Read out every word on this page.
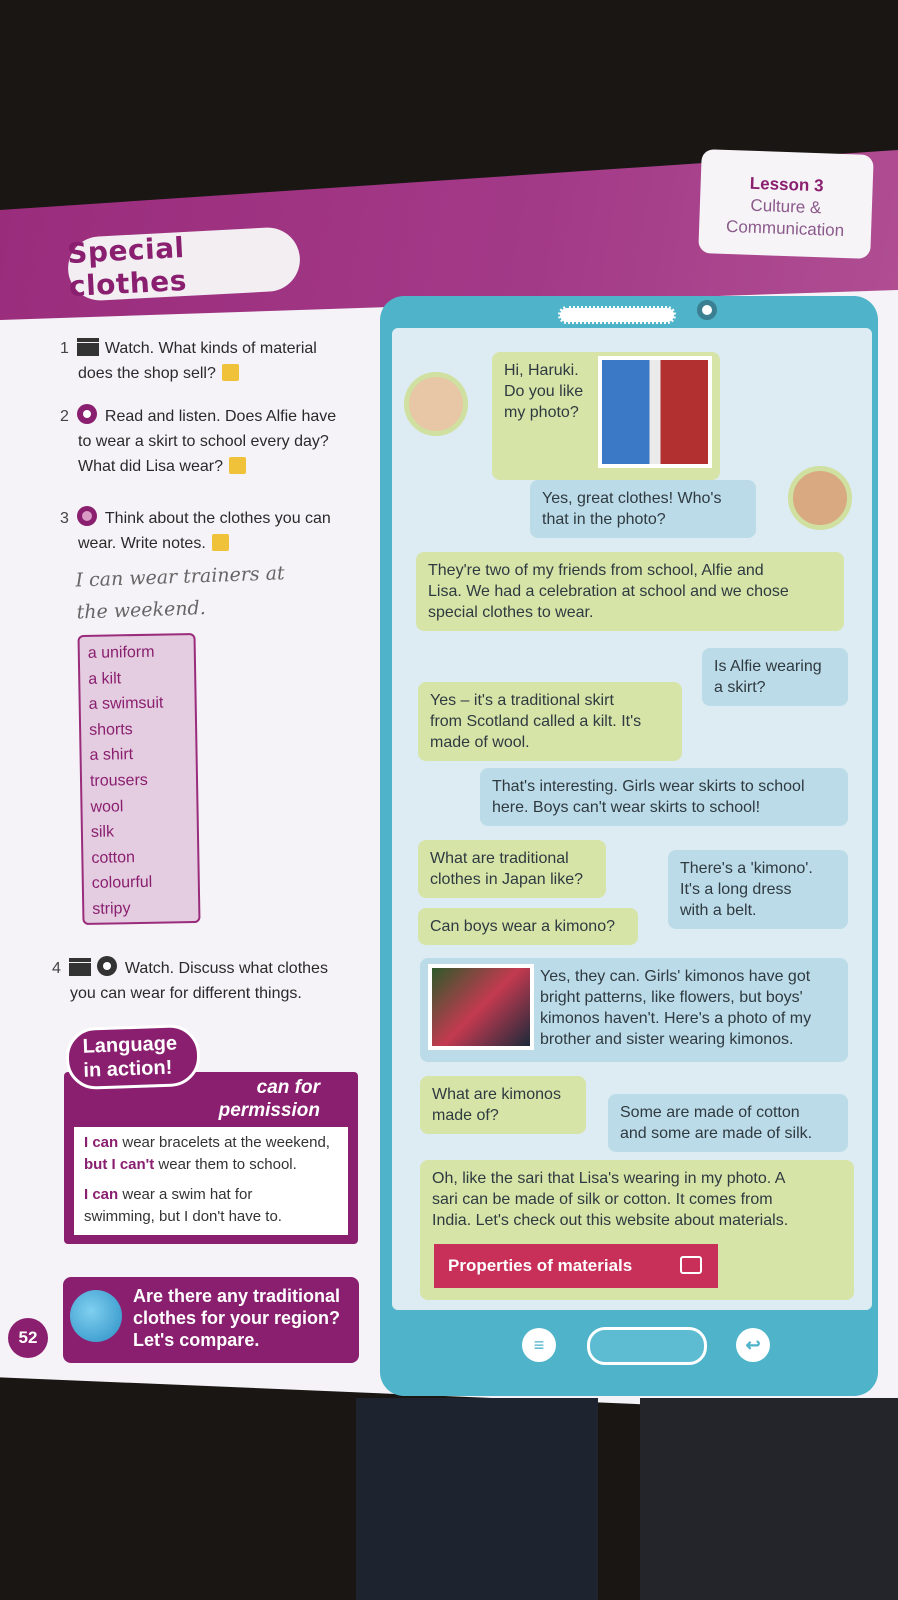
Special clothes
Lesson 3
Culture &
Communication
1 Watch. What kinds of material
does the shop sell?
2 Read and listen. Does Alfie have
to wear a skirt to school every day?
What did Lisa wear?
3 Think about the clothes you can
wear. Write notes.
I can wear trainers at
the weekend.
a uniform
a kilt
a swimsuit
shorts
a shirt
trousers
wool
silk
cotton
colourful
stripy
4	Watch. Discuss what clothes
you can wear for different things.
Language
in action!
can for
permission
I can wear bracelets at the weekend,
but I can't wear them to school.
I can wear a swim hat for
swimming, but I don't have to.
Are there any traditional
clothes for your region?
Let's compare.
52
Hi, Haruki.
Do you like
my photo?
Yes, great clothes! Who's
that in the photo?
They're two of my friends from school, Alfie and
Lisa. We had a celebration at school and we chose
special clothes to wear.
Is Alfie wearing
a skirt?
Yes – it's a traditional skirt
from Scotland called a kilt. It's
made of wool.
That's interesting. Girls wear skirts to school
here. Boys can't wear skirts to school!
What are traditional
clothes in Japan like?
There's a 'kimono'.
It's a long dress
with a belt.
Can boys wear a kimono?
Yes, they can. Girls' kimonos have got
bright patterns, like flowers, but boys'
kimonos haven't. Here's a photo of my
brother and sister wearing kimonos.
What are kimonos
made of?	Some are made of cotton
and some are made of silk.
Oh, like the sari that Lisa's wearing in my photo. A
sari can be made of silk or cotton. It comes from
India. Let's check out this website about materials.
Properties of materials
≡	↩
